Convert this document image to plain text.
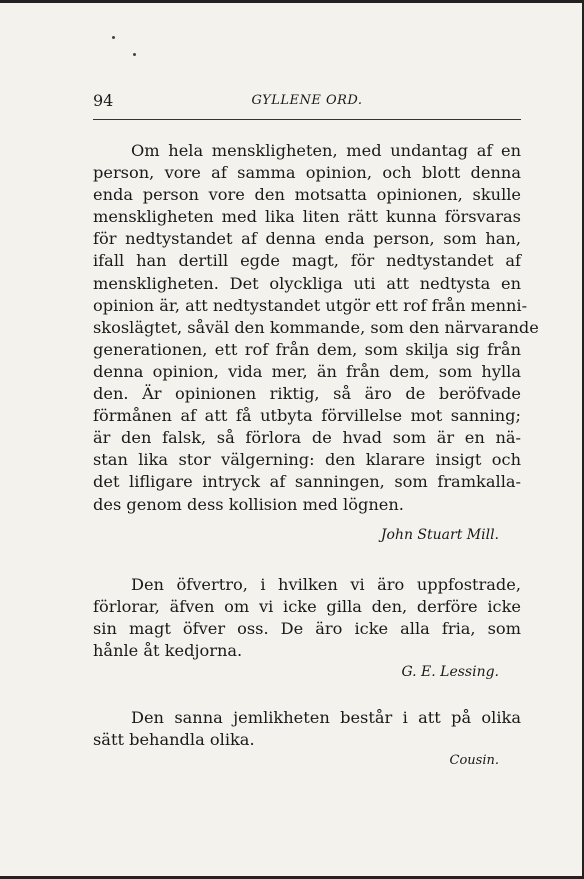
94	GYLLENE ORD.
Om hela menskligheten, med undantag af en
person, vore af samma opinion, och blott denna
enda person vore den motsatta opinionen, skulle
menskligheten med lika liten rätt kunna försvaras
för nedtystandet af denna enda person, som han,
ifall han dertill egde magt, för nedtystandet af
menskligheten. Det olyckliga uti att nedtysta en
opinion är, att nedtystandet utgör ett rof från menni-
skoslägtet, såväl den kommande, som den närvarande
generationen, ett rof från dem, som skilja sig från
denna opinion, vida mer, än från dem, som hylla
den. Är opinionen riktig, så äro de beröfvade
förmånen af att få utbyta förvillelse mot sanning;
är den falsk, så förlora de hvad som är en nä-
stan lika stor välgerning: den klarare insigt och
det lifligare intryck af sanningen, som framkalla-
des genom dess kollision med lögnen.
John Stuart Mill.
Den öfvertro, i hvilken vi äro uppfostrade,
förlorar, äfven om vi icke gilla den, derföre icke
sin magt öfver oss. De äro icke alla fria, som
hånle åt kedjorna.
G. E. Lessing.
Den sanna jemlikheten består i att på olika
sätt behandla olika.
Cousin.
